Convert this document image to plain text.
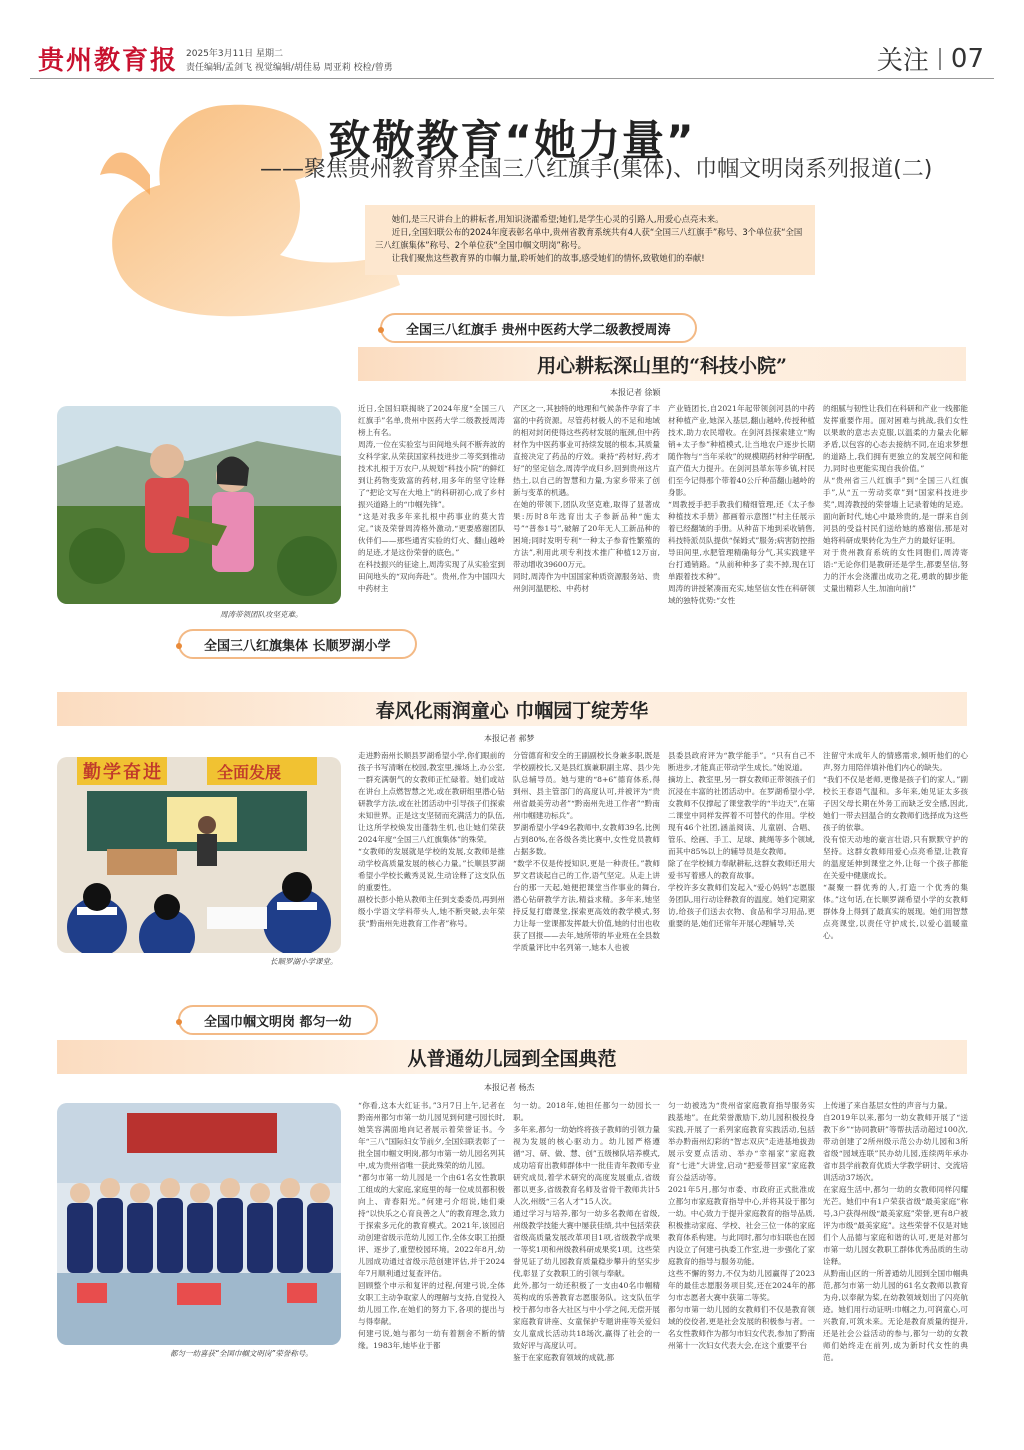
贵州教育报 2025年3月11日 星期二
责任编辑/孟剑飞 视觉编辑/胡佳易 周亚莉 校检/曾勇	关注 07
致敬教育“她力量”
——聚焦贵州教育界全国三八红旗手(集体)、巾帼文明岗系列报道(二)

她们,是三尺讲台上的耕耘者,用知识浇灌希望;她们,是学生心灵的引路人,用爱心点亮未来。

近日,全国妇联公布的2024年度表彰名单中,贵州省教育系统共有4人获“全国三八红旗手”称号、3个单位获“全国三八红旗集体”称号、2个单位获“全国巾帼文明岗”称号。

让我们聚焦这些教育界的巾帼力量,聆听她们的故事,感受她们的情怀,致敬她们的奉献!

全国三八红旗手 贵州中医药大学二级教授周涛
用心耕耘深山里的“科技小院”
本报记者 徐颖
周涛带领团队攻坚克难。
近日,全国妇联揭晓了2024年度“全国三八红旗手”名单,贵州中医药大学二级教授周涛榜上有名。
周涛,一位在实验室与田间地头间不断奔波的女科学家,从荣获国家科技进步二等奖到推动技术扎根于万农户,从规划“科技小院”的鲜红到让药物变致富的药材,用多年的坚守诠释了“把论文写在大地上”的科研初心,成了乡村振兴道路上的“巾帼先锋”。
“这是对我多年来扎根中药事业的莫大肯定。”谈及荣誉周涛格外激动,“更要感谢团队伙伴们——那些通宵实验的灯火、翻山越岭的足迹,才是这份荣誉的底色。”
在科技振兴的征途上,周涛实现了从实验室到田间地头的“双向奔赴”。贵州,作为中国四大中药材主
产区之一,其独特的地理和气候条件孕育了丰富的中药资源。尽管药材极人的不足和地域的相对封闭使得这些药材发展的瓶颈,但中药材作为中医药事业可持续发展的根本,其质量直接决定了药品的疗效。秉持“药材好,药才好”的坚定信念,周涛学成归乡,回到贵州这片热土,以自己的智慧和力量,为家乡带来了创新与变革的机遇。
在她的带领下,团队攻坚克难,取得了显著成果:历时8年选育出太子参新品种“施太号”“普参1号”,破解了20年无人工新品种的困境;同时发明专利“一种太子参育性繁殖的方法”,利用此项专利技术推广种植12万亩,带动增收39600万元。
同时,周涛作为中国国家种质资源服务站、贵州剑河温肥松、中药材
产业链团长,自2021年起带领剑河县的中药材种植产业,她深入基层,翻山越岭,传授种植技术,助力农民增收。在剑河县探索建立“购销+太子参”种植模式,让当地农户逐步长期随作物与“当年采收”的规模期药材种学研配,直产值大力提升。在剑河县革东等乡镇,村民们至今记得那个带着40公斤种苗翻山越岭的身影。
“周教授手把手教我们精细管理,还《太子参种植技术手册》都画着示意图!”村主任展示着已经翻皱的手册。从种苗下地到采收销售,科技特派员队提供“保姆式”服务;病害防控指导田间里,水肥管理精确每分气,其实践建平台打通销路。“从前种种多了卖不掉,现在订单跟着技术种”。
周涛的讲授紧凑而充实,她坚信女性在科研领域的独特优势:“女性
的细腻与韧性让我们在科研和产业一线都能发挥重要作用。面对困难与挑战,我们女性以果敢的意志去克服,以温柔的力量去化解矛盾,以包容的心态去接纳不同,在追求梦想的道路上,我们拥有更独立的发展空间和能力,同时也更能实现自我价值。”
从“贵州省三八红旗手”到“全国三八红旗手”,从“五一劳动奖章”到“国家科技进步奖”,周涛教授的荣誉墙上记录着她的足迹。面向新时代,她心中最珍贵的,是一群来自剑河县的受益村民们送给她的感谢信,那是对她将科研成果转化为生产力的最好证明。
对于贵州教育系统的女性同胞们,周涛寄语:“无论你们是教研还是学生,都要坚信,努力的汗水会浇灌出成功之花,勇敢的脚步能丈量出精彩人生,加油向前!”
全国三八红旗集体 长顺罗湖小学
春风化雨润童心 巾帼园丁绽芳华
本报记者 郝梦
勤 学 奋 进	全面发展
长顺罗湖小学课堂。
走进黔南州长顺县罗湖希望小学,你们眼前的孩子书写清晰在校园,教室里,操场上,办公室,一群充满朝气的女教师正忙碌着。她们或站在讲台上点燃智慧之光,或在教研组里潜心钻研教学方法,或在社团活动中引导孩子们探索未知世界。正是这支坚韧而充满活力的队伍,让这所学校焕发出蓬勃生机,也让她们荣获2024年度“全国三八红旗集体”的殊荣。
“女教师的发展就是学校的发展,女教师是推动学校高质量发展的核心力量。”长顺县罗湖希望小学校长戴秀灵说,生动诠释了这支队伍的重要性。
副校长彭小艳从教师主任到支委委员,再到州级小学语文学科带头人,她不断突破,去年荣获“黔南州先进教育工作者”称号。
分管德育和安全的王副副校长身兼多职,既是学校副校长,又是县红旗兼职副主席、县少先队总辅导员。她与建的“8+6”德育体系,得到州、县主管部门的高度认可,并被评为“贵州省最美劳动者”“黔南州先进工作者”“黔南州巾帼建功标兵”。
罗湖希望小学49名教师中,女教师39名,比例占到80%,在各级各类比赛中,女性党员教师占据多数。
“数学不仅是传授知识,更是一种责任。”教师罗文君谈起自己的工作,语气坚定。从走上讲台的那一天起,她便把课堂当作事业的舞台,潜心钻研教学方法,精益求精。多年来,她坚持反复打磨课堂,探索更高效的教学模式,努力让每一堂课都发挥最大价值,她的付出也收获了回报——去年,她所带的毕业班在全县数学质量评比中名列第一,她本人也被
县委县政府评为“教学能手”。“只有自己不断进步,才能真正带动学生成长。”她说道。
摘坊上、教室里,另一群女教师正带领孩子们沉浸在丰富的社团活动中。在罗湖希望小学,女教师不仅撑起了课堂教学的“半边天”,在第二课堂中同样发挥着不可替代的作用。学校现有46个社团,涵盖阅读、儿童剧、合唱、管乐、绘画、手工、足球、跳绳等多个领域,而其中85%以上的辅导员是女教师。
除了在学校倾力奉献耕耘,这群女教师还用大爱书写着感人的教育故事。
学校许多女教师们发起入“爱心妈妈”志愿服务团队,用行动诠释教育的温度。她们定期家访,给孩子们送去衣物、食品和学习用品,更重要的是,她们还常年开展心理辅导,关
注留守未成年人的情感需求,倾听他们的心声,努力用陪伴填补他们内心的缺失。
“我们不仅是老师,更像是孩子们的家人。”副校长王春语气温和。多年来,她见证太多孩子因父母长期在外务工而缺乏安全感,因此,她们一带去回温合的女教师们选择成为这些孩子的依靠。
没有惊天动地的豪言壮语,只有默默守护的坚持。这群女教师用爱心点亮希望,让教育的温度延伸到课堂之外,让每一个孩子都能在关爱中健康成长。
“凝聚一群优秀的人,打造一个优秀的集体。”这句话,在长顺罗湖希望小学的女教师群体身上得到了最真实的展现。她们用智慧点亮课堂,以责任守护成长,以爱心温暖童心。
全国巾帼文明岗 都匀一幼
从普通幼儿园到全国典范
本报记者 杨杰
都匀一幼喜获“全国巾帼文明岗”荣誉称号。
“你看,这本大红证书。”3月7日上午,记者在黔南州都匀市第一幼儿园见到何建弓园长时,她笑容满面地向记者展示着荣誉证书。今年“三八”国际妇女节前夕,全国妇联表彰了一批全国巾帼文明岗,都匀市第一幼儿园名列其中,成为贵州省唯一获此殊荣的幼儿园。
“都匀市第一幼儿园是一个由61名女性教职工组成的大家庭,家庭里的每一位成员都积极向上、青春阳光。”何建弓介绍说,她们秉持“以快乐之心育良善之人”的教育理念,致力于探索多元化的教育模式。2021年,该园启动创建省级示范幼儿园工作,全体女职工拍摄评、逐步了,重塑校园环境。2022年8月,幼儿园成功通过省级示范创建评估,并于2024年7月顺利通过复查评估。
回顾整个申示和复评的过程,何建弓说,全体女职工主动争取家人的理解与支持,自觉投入幼儿园工作,在她们的努力下,各项的提出与与得奉献。
何建弓说,她与都匀一幼有着割舍不断的情缘。1983年,她毕业于都
匀一幼。2018年,她担任都匀一幼园长一职。
多年来,都匀一幼始终将孩子教师的引领力量视为发展的核心驱动力。幼儿园严格遵循“习、研、做、慧、创”五级梯队培养模式,成功培育出教师群体中一批佳青年教师专业研究成员,着学术研究的高度发展重点,省级都以更多,省级教育名师及省骨干教师共计5人次,州级“三名人才”15人次。
通过学习与培养,都匀一幼多名教师在省级,州级教学技能大赛中屡获佳绩,共中包括荣获省级高质量发展改革项目1项,省级教学成果一等奖1项和州级教科研成果奖1项。这些荣誉见证了幼儿园教育质量稳步攀升的坚实步伐,彰显了女教职工的引领与奉献。
此外,都匀一幼还积极了一支由40名巾帼精英构成的乐善教育志愿服务队。这支队伍学校于都匀市各大社区与中小学之间,无偿开展家庭教育讲座、女童保护专题讲座等关爱妇女儿童成长活动共18场次,赢得了社会的一致好评与高度认可。
鉴于在家庭教育领域的成就,都
匀一幼被选为“贵州省家庭教育指导服务实践基地”。在此荣誉激励下,幼儿园积极投身实践,开展了一系列家庭教育实践活动,包括举办黔南州幻彩的“智志双庆”走进基地拔劲展示安夏点活动、举办“幸福家”家庭教育“七进”大讲堂,启动“把爱带回家”家庭教育公益活动等。
2021年5月,都匀市委、市政府正式批准成立都匀市家庭教育指导中心,并将其设于都匀一幼。中心致力于提升家庭教育的指导品质,积极推动家庭、学校、社会三位一体的家庭教育体系构建。与此同时,都匀市妇联也在园内设立了何建弓执委工作室,进一步强化了家庭教育的指导与服务功能。
这些不懈的努力,不仅为幼儿园赢得了2023年的最佳志愿服务项目奖,还在2024年的都匀市志愿者大赛中获第二等奖。
都匀市第一幼儿园的女教师们不仅是教育领域的佼佼者,更是社会发展的积极参与者。一名女性教师作为都匀市妇女代表,参加了黔南州第十一次妇女代表大会,在这个重要平台
上传递了来自基层女性的声音与力量。
自2019年以来,都匀一幼女教师开展了“送教下乡”“协同教研”等帮扶活动超过100次,带动创建了2所州级示范公办幼儿园和3所省级“园域连联”民办幼儿园,连续两年承办省市县学前教育优质大学教学研讨、交流培训活动37场次。
在家庭生活中,都匀一幼的女教师同样闪耀光芒。她们中有1户荣获省级“最美家庭”称号,3户获得州级“最美家庭”荣誉,更有8户被评为市级“最美家庭”。这些荣誉不仅是对她们个人品德与家庭和谐的认可,更是对都匀市第一幼儿园女教职工群体优秀品质的生动诠释。
从黔南山区的一所普通幼儿园到全国巾帼典范,都匀市第一幼儿园的61名女教师以教育为舟,以奉献为桨,在幼教领域划出了闪亮航迹。她们用行动证明:巾帼之力,可润童心,可兴教育,可筑未来。无论是教育质量的提升,还是社会公益活动的参与,都匀一幼的女教师们始终走在前列,成为新时代女性的典范。
